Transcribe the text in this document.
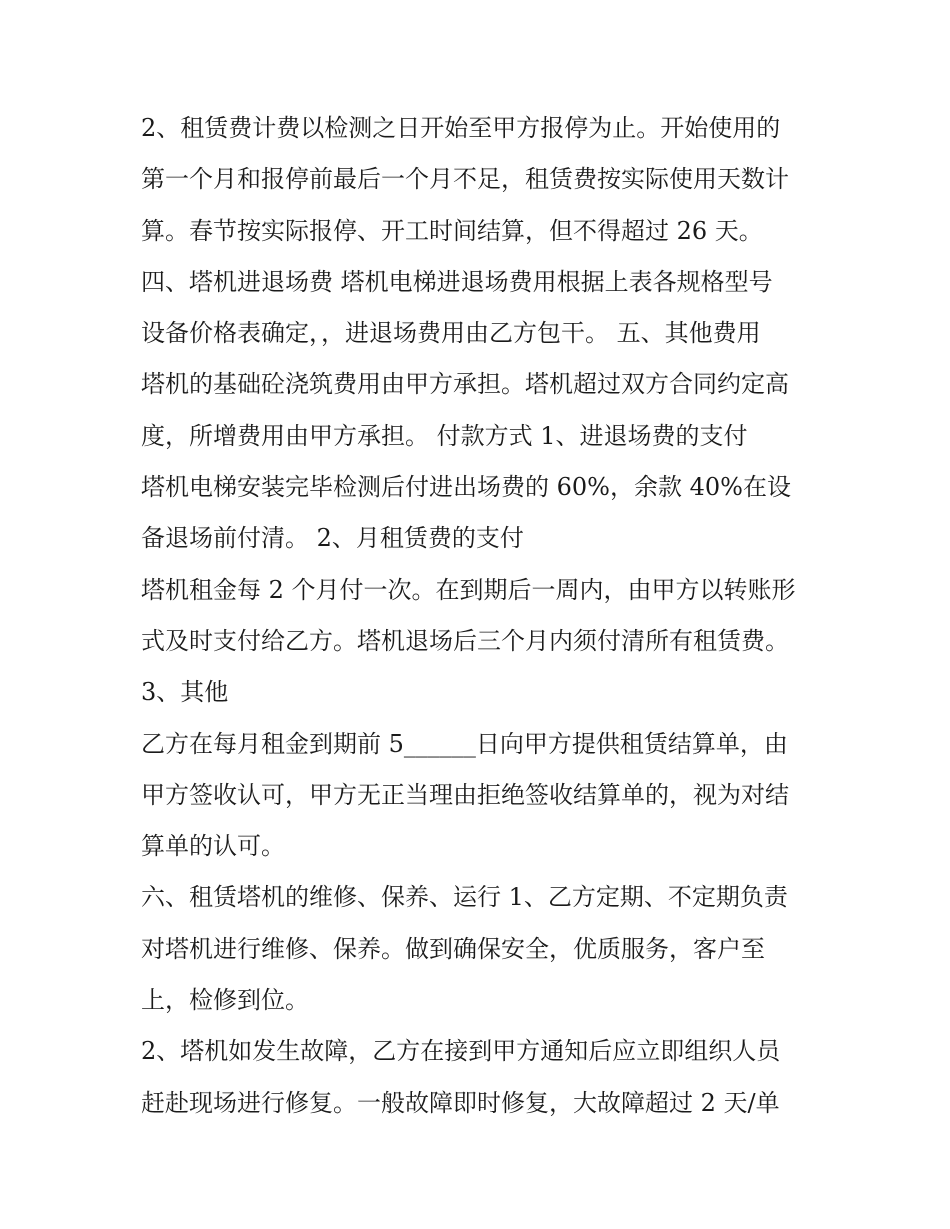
2、租赁费计费以检测之日开始至甲方报停为止。开始使用的
第一个月和报停前最后一个月不足，租赁费按实际使用天数计
算。春节按实际报停、开工时间结算，但不得超过 26 天。
四、塔机进退场费 塔机电梯进退场费用根据上表各规格型号
设备价格表确定，，进退场费用由乙方包干。 五、其他费用
塔机的基础砼浇筑费用由甲方承担。塔机超过双方合同约定高
度，所增费用由甲方承担。 付款方式 1、进退场费的支付
塔机电梯安装完毕检测后付进出场费的 60%，余款 40%在设
备退场前付清。 2、月租赁费的支付
塔机租金每 2 个月付一次。在到期后一周内，由甲方以转账形
式及时支付给乙方。塔机退场后三个月内须付清所有租赁费。
3、其他
乙方在每月租金到期前 5______日向甲方提供租赁结算单，由
甲方签收认可，甲方无正当理由拒绝签收结算单的，视为对结
算单的认可。
六、租赁塔机的维修、保养、运行 1、乙方定期、不定期负责
对塔机进行维修、保养。做到确保安全，优质服务，客户至
上，检修到位。
2、塔机如发生故障，乙方在接到甲方通知后应立即组织人员
赶赴现场进行修复。一般故障即时修复，大故障超过 2 天/单
